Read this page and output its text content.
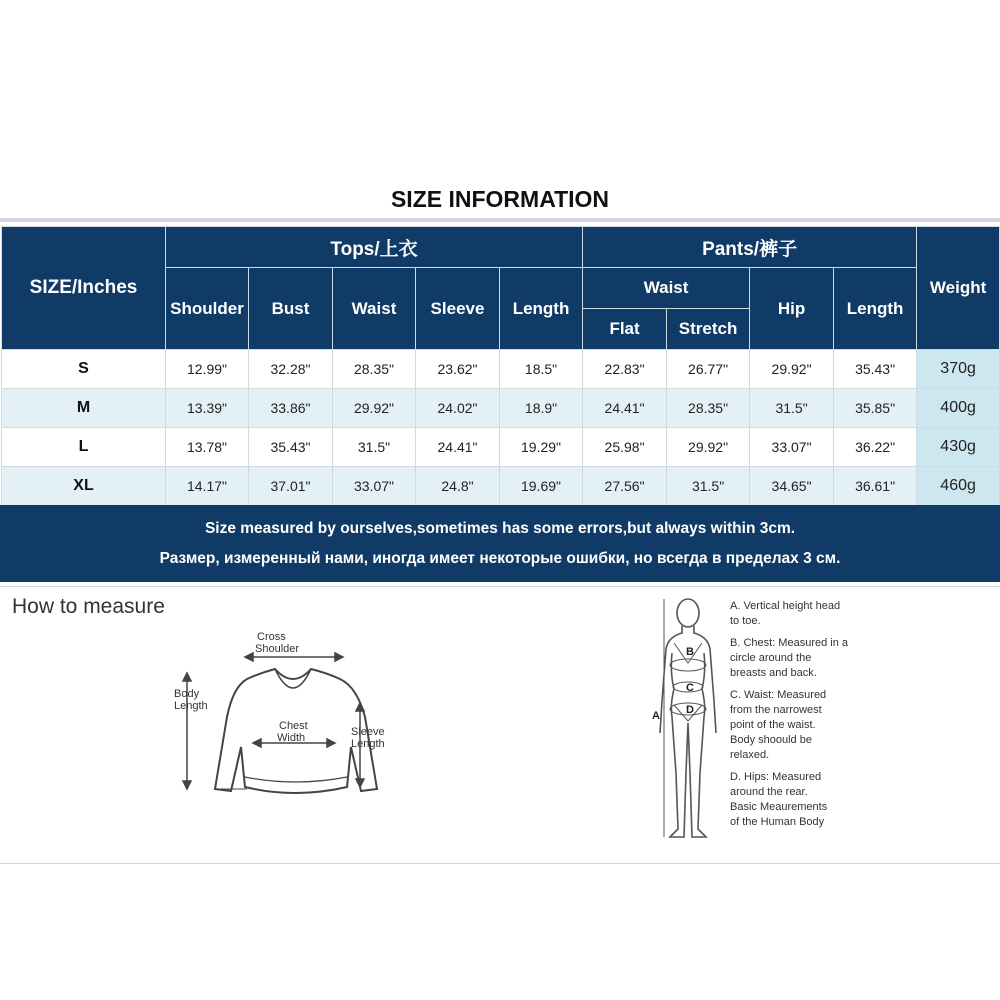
SIZE INFORMATION
SIZE/Inches	Tops/上衣					Pants/裤子				Weight
	Shoulder	Bust	Waist	Sleeve	Length	Waist		Hip	Length	
						Flat	Stretch			
S	12.99"	32.28"	28.35"	23.62"	18.5"	22.83"	26.77"	29.92"	35.43"	370g
M	13.39"	33.86"	29.92"	24.02"	18.9"	24.41"	28.35"	31.5"	35.85"	400g
L	13.78"	35.43"	31.5"	24.41"	19.29"	25.98"	29.92"	33.07"	36.22"	430g
XL	14.17"	37.01"	33.07"	24.8"	19.69"	27.56"	31.5"	34.65"	36.61"	460g

Size measured by ourselves,sometimes has some errors,but always within 3cm.

Размер, измеренный нами, иногда имеет некоторые ошибки, но всегда в пределах 3 см.

How to measure
Cross
Shoulder
Body
Length
Chest
Width	Sleeve
Length
B
C
D
A
A. Vertical height head
to toe.
B. Chest: Measured in a
circle around the
breasts and back.
C. Waist: Measured
from the narrowest
point of the waist.
Body shoould be
relaxed.
D. Hips: Measured
around the rear.
Basic Meaurements
of the Human Body
